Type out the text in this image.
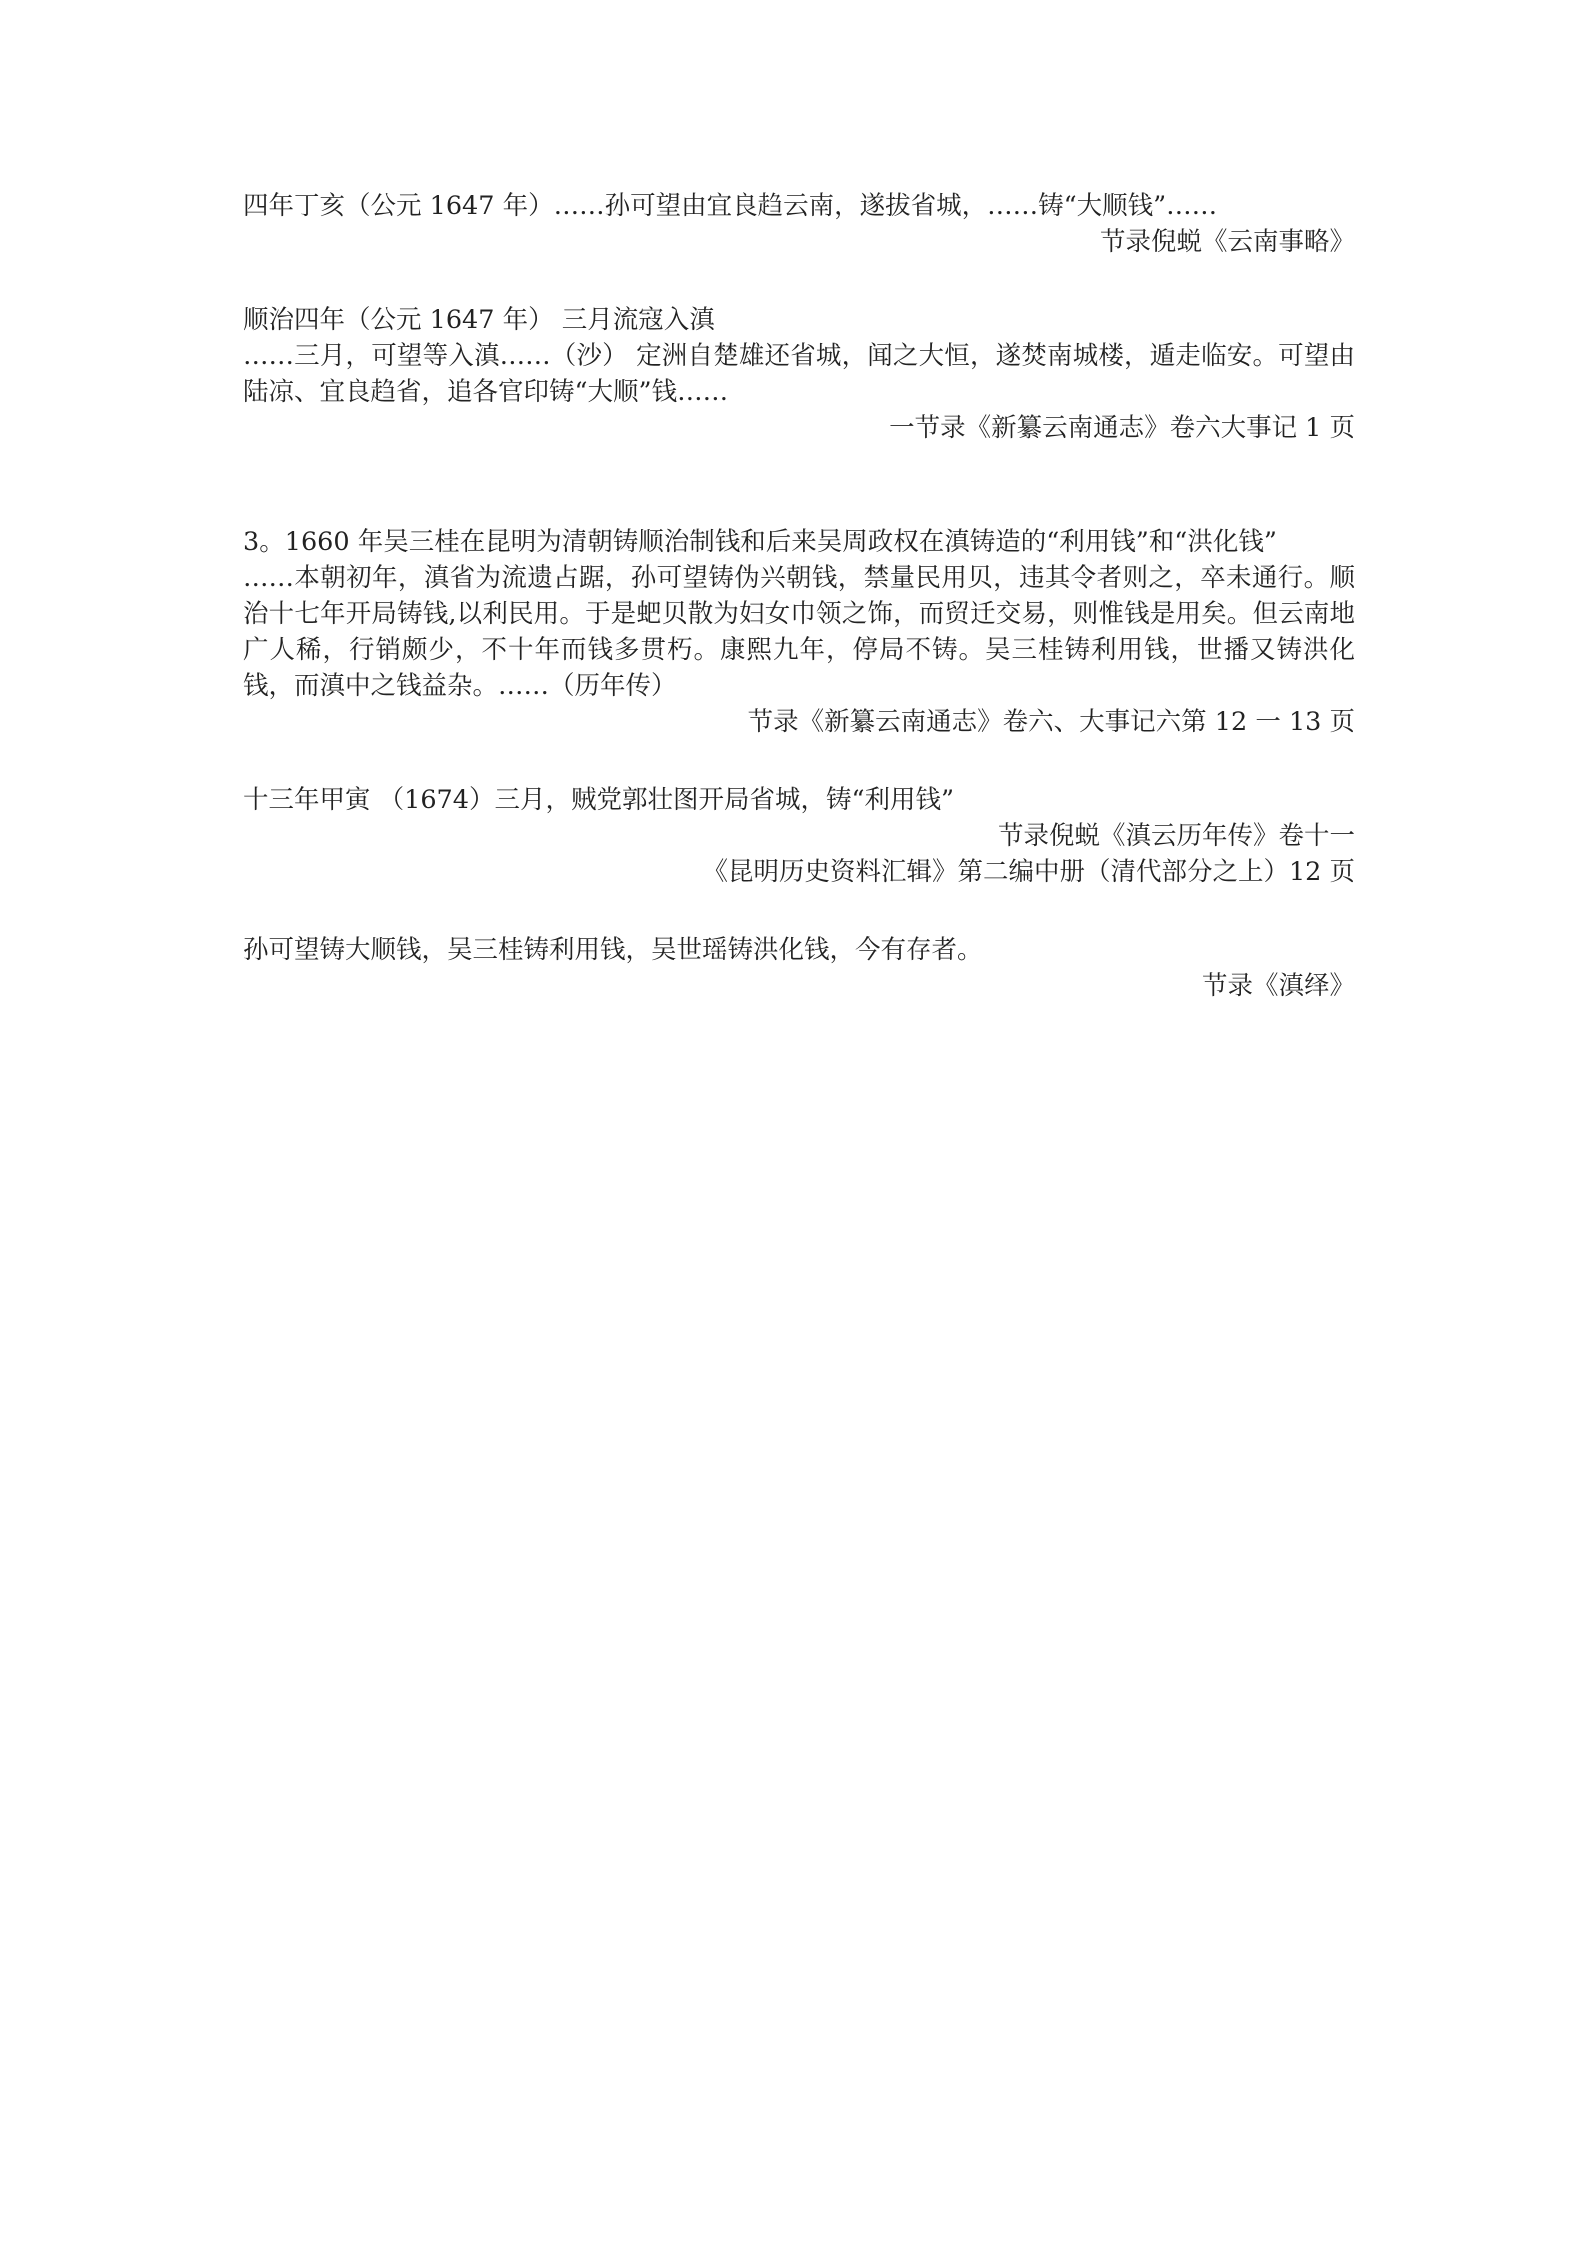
四年丁亥（公元 1647 年）……孙可望由宜良趋云南，遂拔省城，……铸“大顺钱”……
节录倪蜕《云南事略》
顺治四年（公元 1647 年） 三月流寇入滇
……三月，可望等入滇……（沙） 定洲自楚雄还省城，闻之大恒，遂焚南城楼，遁走临安。可望由陆凉、宜良趋省，追各官印铸“大顺”钱……
一节录《新纂云南通志》卷六大事记 1 页
3。1660 年吴三桂在昆明为清朝铸顺治制钱和后来吴周政权在滇铸造的“利用钱”和“洪化钱”
……本朝初年，滇省为流遗占踞，孙可望铸伪兴朝钱，禁量民用贝，违其令者则之，卒未通行。顺治十七年开局铸钱,以利民用。于是蚆贝散为妇女巾领之饰，而贸迁交易，则惟钱是用矣。但云南地广人稀，行销颇少，不十年而钱多贯朽。康熙九年，停局不铸。吴三桂铸利用钱，世播又铸洪化钱，而滇中之钱益杂。……（历年传）
节录《新纂云南通志》卷六、大事记六第 12 一 13 页
十三年甲寅 （1674）三月，贼党郭壮图开局省城，铸“利用钱”
节录倪蜕《滇云历年传》卷十一
《昆明历史资料汇辑》第二编中册（清代部分之上）12 页
孙可望铸大顺钱，吴三桂铸利用钱，吴世瑶铸洪化钱，今有存者。
节录《滇绎》
